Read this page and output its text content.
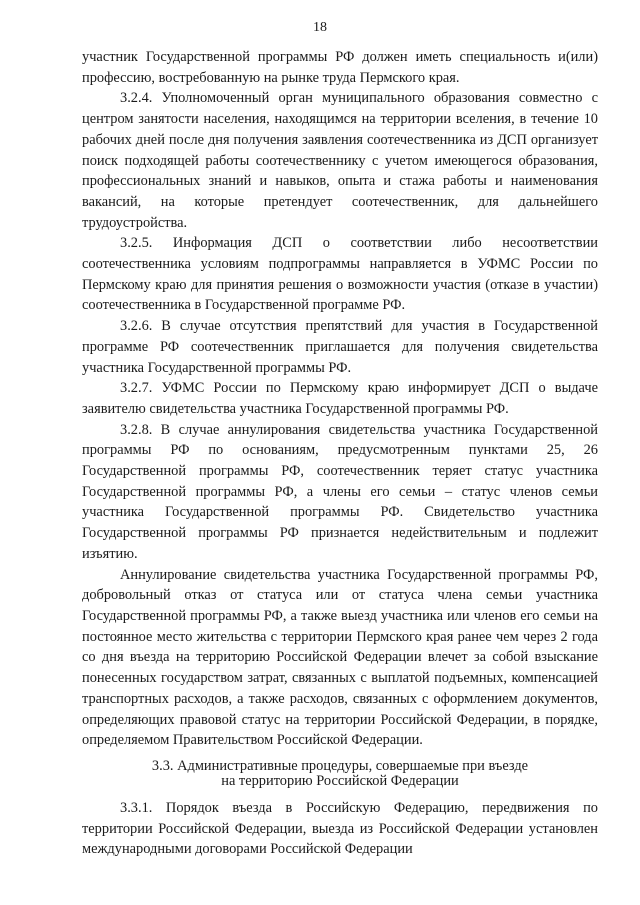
18

участник Государственной программы РФ должен иметь специальность и(или) профессию, востребованную на рынке труда Пермского края.

3.2.4. Уполномоченный орган муниципального образования совместно с центром занятости населения, находящимся на территории вселения, в течение 10 рабочих дней после дня получения заявления соотечественника из ДСП организует поиск подходящей работы соотечественнику с учетом имеющегося образования, профессиональных знаний и навыков, опыта и стажа работы и наименования вакансий, на которые претендует соотечественник, для дальнейшего трудоустройства.

3.2.5. Информация ДСП о соответствии либо несоответствии соотечественника условиям подпрограммы направляется в УФМС России по Пермскому краю для принятия решения о возможности участия (отказе в участии) соотечественника в Государственной программе РФ.

3.2.6. В случае отсутствия препятствий для участия в Государственной программе РФ соотечественник приглашается для получения свидетельства участника Государственной программы РФ.

3.2.7. УФМС России по Пермскому краю информирует ДСП о выдаче заявителю свидетельства участника Государственной программы РФ.

3.2.8. В случае аннулирования свидетельства участника Государственной программы РФ по основаниям, предусмотренным пунктами 25, 26 Государственной программы РФ, соотечественник теряет статус участника Государственной программы РФ, а члены его семьи – статус членов семьи участника Государственной программы РФ. Свидетельство участника Государственной программы РФ признается недействительным и подлежит изъятию.

Аннулирование свидетельства участника Государственной программы РФ, добровольный отказ от статуса или от статуса члена семьи участника Государственной программы РФ, а также выезд участника или членов его семьи на постоянное место жительства с территории Пермского края ранее чем через 2 года со дня въезда на территорию Российской Федерации влечет за собой взыскание понесенных государством затрат, связанных с выплатой подъемных, компенсацией транспортных расходов, а также расходов, связанных с оформлением документов, определяющих правовой статус на территории Российской Федерации, в порядке, определяемом Правительством Российской Федерации.

3.3. Административные процедуры, совершаемые при въезде
на территорию Российской Федерации

3.3.1. Порядок въезда в Российскую Федерацию, передвижения по территории Российской Федерации, выезда из Российской Федерации установлен международными договорами Российской Федерации
